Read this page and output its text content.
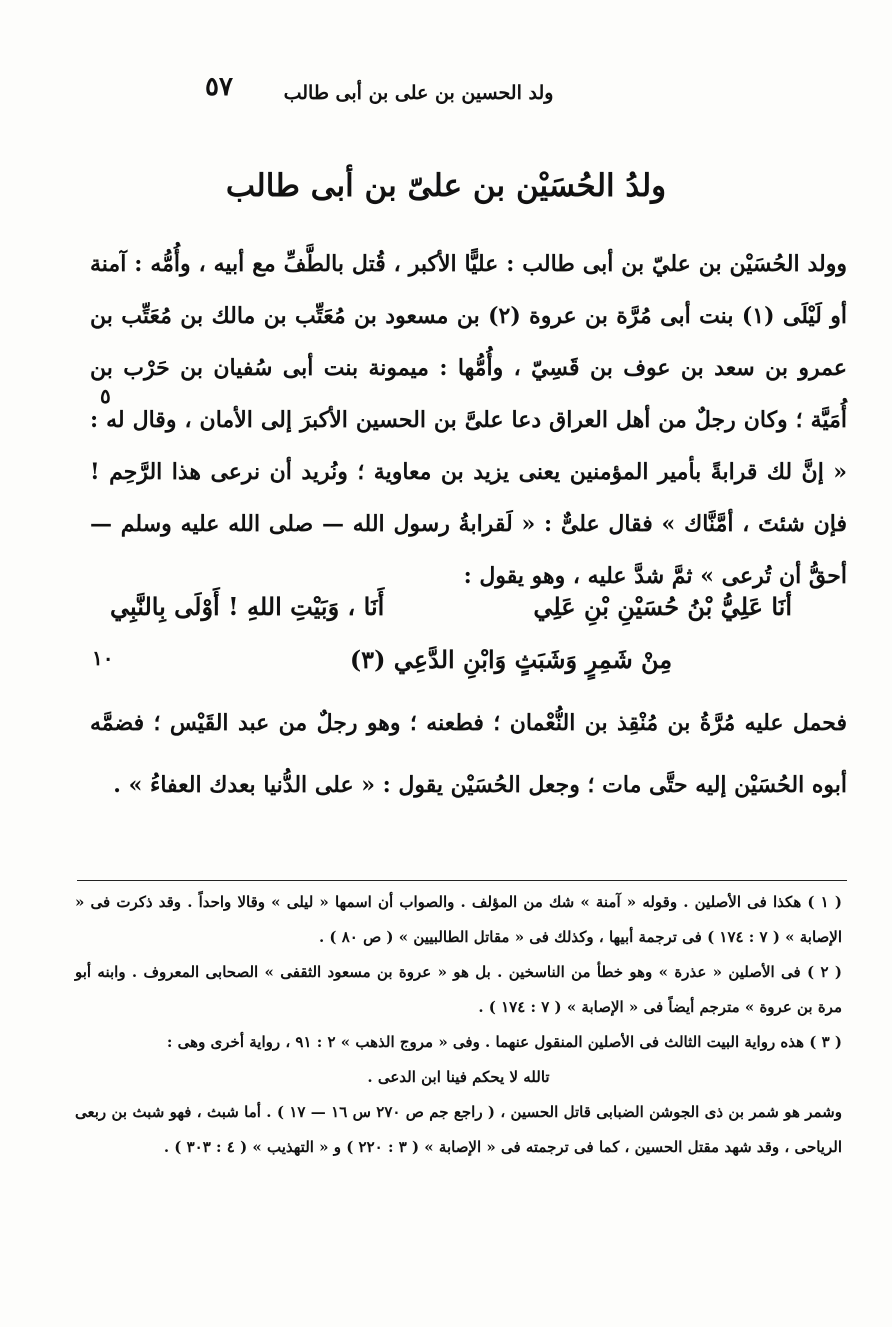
٥٧	ولد الحسين بن على بن أبى طالب
ولدُ الحُسَيْن بن علىّ بن أبى طالب

وولد الحُسَيْن بن عليّ بن أبى طالب : عليًّا الأكبر ، قُتل بالطَّفِّ مع أبيه ، وأُمُّه : آمنة أو لَيْلَى (١) بنت أبى مُرَّة بن عروة (٢) بن مسعود بن مُعَتِّب بن مالك بن مُعَتِّب بن عمرو بن سعد بن عوف بن قَسِيّ ، وأُمُّها : ميمونة بنت أبى سُفيان بن حَرْب بن أُمَيَّة ؛ وكان رجلٌ من أهل العراق دعا علىَّ بن الحسين الأكبرَ إلى الأمان ، وقال له : « إنَّ لك قرابةً بأمير المؤمنين يعنى يزيد بن معاوية ؛ ونُريد أن نرعى هذا الرَّحِم ! فإن شئتَ ، أمَّنَّاك » فقال علىٌّ : « لَقرابةُ رسول الله — صلى الله عليه وسلم — أحقُّ أن تُرعى » ثمَّ شدَّ عليه ، وهو يقول :

٥
أنَا عَلِيُّ بْنُ حُسَيْنِ بْنِ عَلِي
أَنَا ، وَبَيْتِ اللهِ ! أَوْلَى بِالنَّبِي
مِنْ شَمِرٍ وَشَبَثٍ وَابْنِ الدَّعِي (٣)
١٠

فحمل عليه مُرَّةُ بن مُنْقِذ بن النُّعْمان ؛ فطعنه ؛ وهو رجلٌ من عبد القَيْس ؛ فضمَّه أبوه الحُسَيْن إليه حتَّى مات ؛ وجعل الحُسَيْن يقول : « على الدُّنيا بعدك العفاءُ » .

( ١ ) هكذا فى الأصلين . وقوله « آمنة » شك من المؤلف . والصواب أن اسمها « ليلى » وقالا واحداً . وقد ذكرت فى « الإصابة » ( ٧ : ١٧٤ ) فى ترجمة أبيها ، وكذلك فى « مقاتل الطالبيين » ( ص ٨٠ ) .

( ٢ ) فى الأصلين « عذرة » وهو خطأ من الناسخين . بل هو « عروة بن مسعود الثقفى » الصحابى المعروف . وابنه أبو مرة بن عروة » مترجم أيضاً فى « الإصابة » ( ٧ : ١٧٤ ) .

( ٣ ) هذه رواية البيت الثالث فى الأصلين المنقول عنهما . وفى « مروج الذهب » ٢ : ٩١ ، رواية أخرى وهى :

تالله لا يحكم فينا ابن الدعى .

وشمر هو شمر بن ذى الجوشن الضبابى قاتل الحسين ، ( راجع جم ص ٢٧٠ س ١٦ — ١٧ ) . أما شبث ، فهو شبث بن ربعى الرياحى ، وقد شهد مقتل الحسين ، كما فى ترجمته فى « الإصابة » ( ٣ : ٢٢٠ ) و « التهذيب » ( ٤ : ٣٠٣ ) .
